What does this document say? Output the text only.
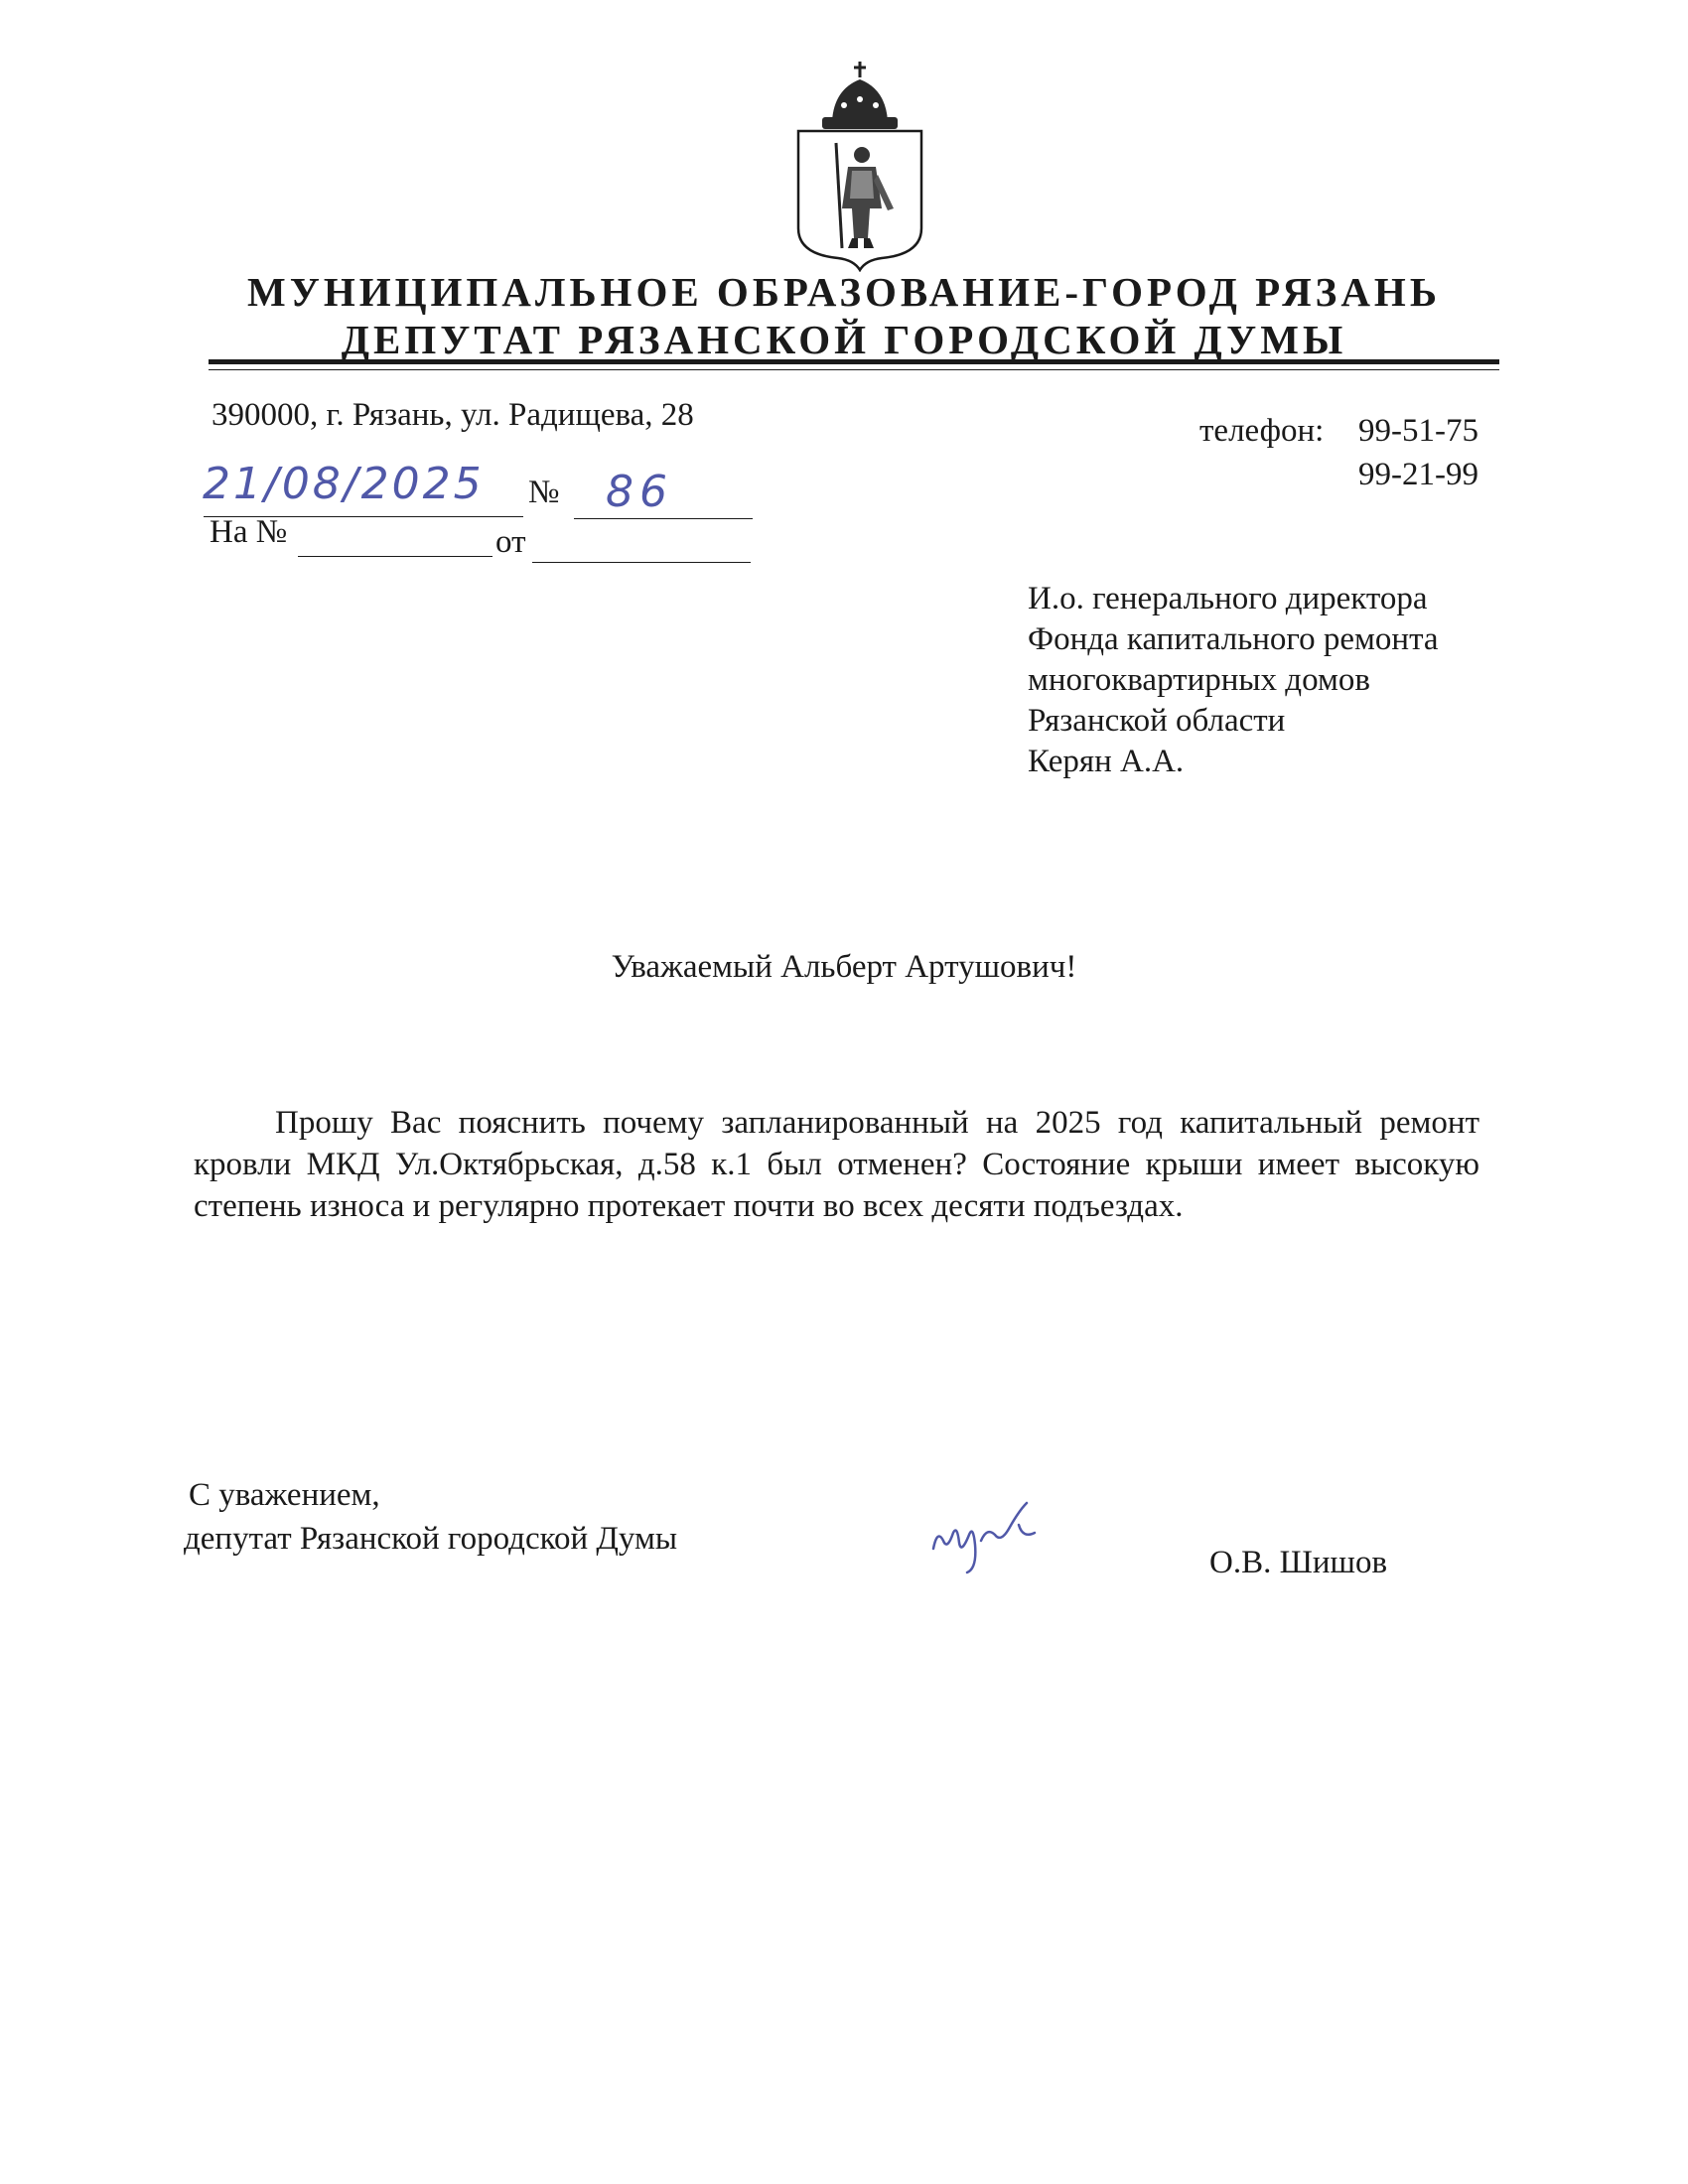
МУНИЦИПАЛЬНОЕ ОБРАЗОВАНИЕ-ГОРОД РЯЗАНЬ
ДЕПУТАТ РЯЗАНСКОЙ ГОРОДСКОЙ ДУМЫ
390000, г. Рязань, ул. Радищева, 28	телефон: 99-51-75
99-21-99
21/08/2025 № 86
На №	от
И.о. генерального директора
Фонда капитального ремонта
многоквартирных домов
Рязанской области
Керян А.А.
Уважаемый Альберт Артушович!
Прошу Вас пояснить почему запланированный на 2025 год капитальный ремонт кровли МКД Ул.Октябрьская, д.58 к.1 был отменен? Состояние крыши имеет высокую степень износа и регулярно протекает почти во всех десяти подъездах.
С уважением,
депутат Рязанской городской Думы
О.В. Шишов
